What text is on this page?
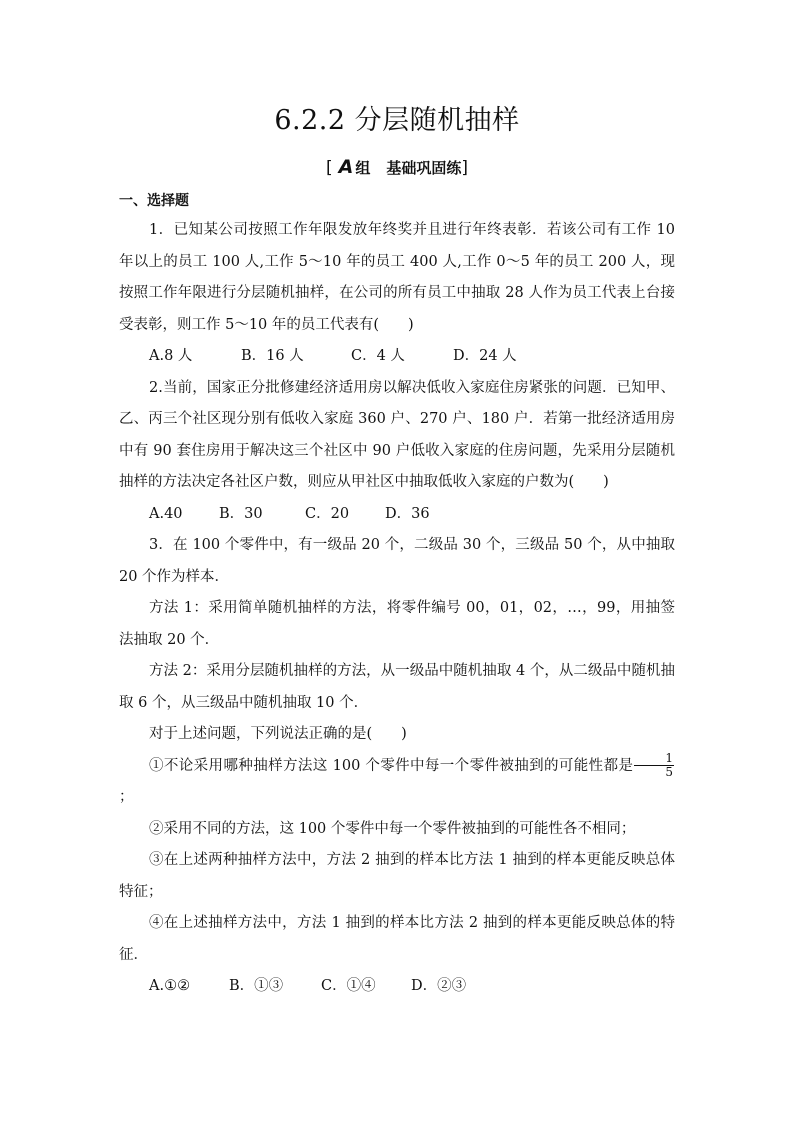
6.2.2 分层随机抽样
[ A 组 基础巩固练]
一、选择题

1．已知某公司按照工作年限发放年终奖并且进行年终表彰．若该公司有工作 10 年以上的员工 100 人,工作 5～10 年的员工 400 人,工作 0～5 年的员工 200 人，现按照工作年限进行分层随机抽样，在公司的所有员工中抽取 28 人作为员工代表上台接受表彰，则工作 5～10 年的员工代表有(　　)

A.8 人	B．16 人	C．4 人	D．24 人

2.当前，国家正分批修建经济适用房以解决低收入家庭住房紧张的问题．已知甲、乙、丙三个社区现分别有低收入家庭 360 户、270 户、180 户．若第一批经济适用房中有 90 套住房用于解决这三个社区中 90 户低收入家庭的住房问题，先采用分层随机抽样的方法决定各社区户数，则应从甲社区中抽取低收入家庭的户数为(　　)

A.40	B．30	C．20 D．36

3．在 100 个零件中，有一级品 20 个，二级品 30 个，三级品 50 个，从中抽取 20 个作为样本．

方法 1：采用简单随机抽样的方法，将零件编号 00，01，02，…，99，用抽签法抽取 20 个．

方法 2：采用分层随机抽样的方法，从一级品中随机抽取 4 个，从二级品中随机抽取 6 个，从三级品中随机抽取 10 个．

对于上述问题，下列说法正确的是(　　)

①不论采用哪种抽样方法这 100 个零件中每一个零件被抽到的可能性都是 $\frac{1}{5}$
；

②采用不同的方法，这 100 个零件中每一个零件被抽到的可能性各不相同；

③在上述两种抽样方法中，方法 2 抽到的样本比方法 1 抽到的样本更能反映总体特征；

④在上述抽样方法中，方法 1 抽到的样本比方法 2 抽到的样本更能反映总体的特征．

A.①②	B．①③	C．①④ D．②③
